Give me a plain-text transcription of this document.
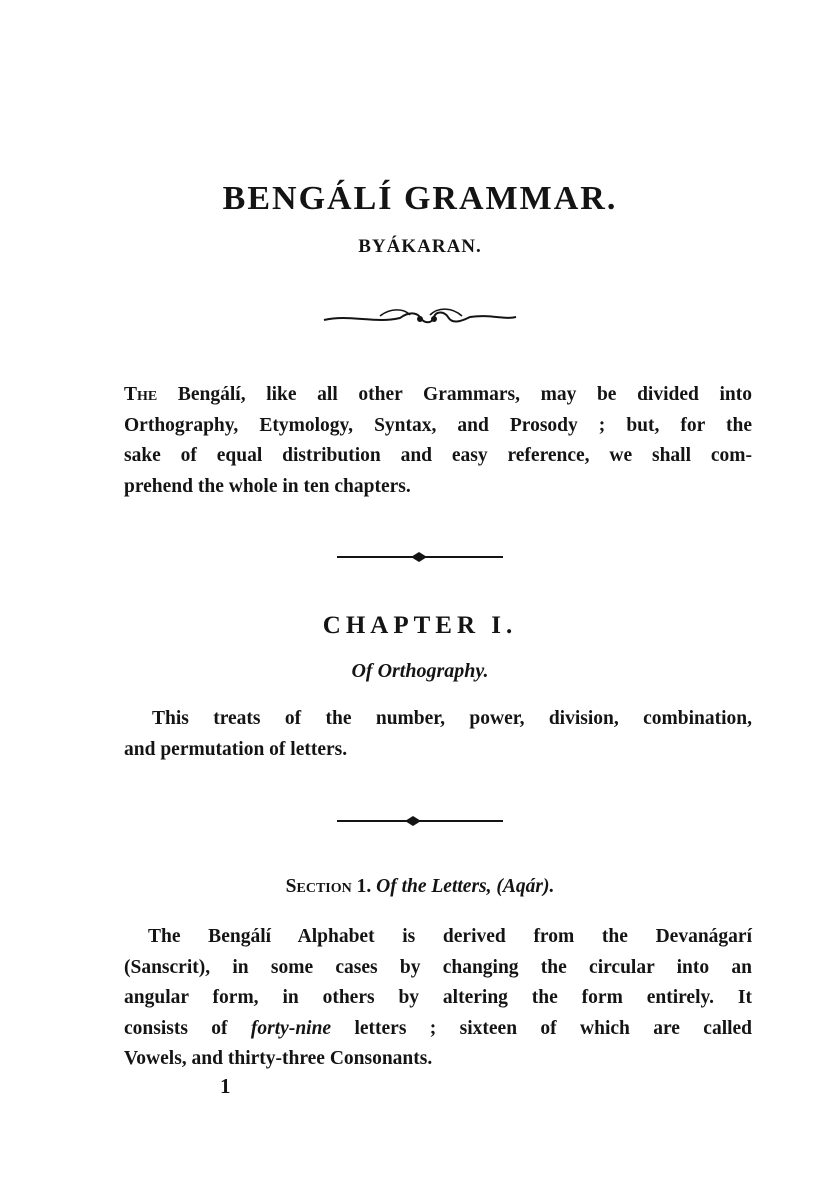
BENGÁLÍ GRAMMAR.
BYÁKARAN.

The Bengálí, like all other Grammars, may be divided into
Orthography, Etymology, Syntax, and Prosody ; but, for the
sake of equal distribution and easy reference, we shall com-
prehend the whole in ten chapters.

CHAPTER I.
Of Orthography.

This treats of the number, power, division, combination,
and permutation of letters.

Section 1. Of the Letters, (Aqár).

The Bengálí Alphabet is derived from the Devanágarí
(Sanscrit), in some cases by changing the circular into an
angular form, in others by altering the form entirely. It
consists of forty-nine letters ; sixteen of which are called
Vowels, and thirty-three Consonants.

1
